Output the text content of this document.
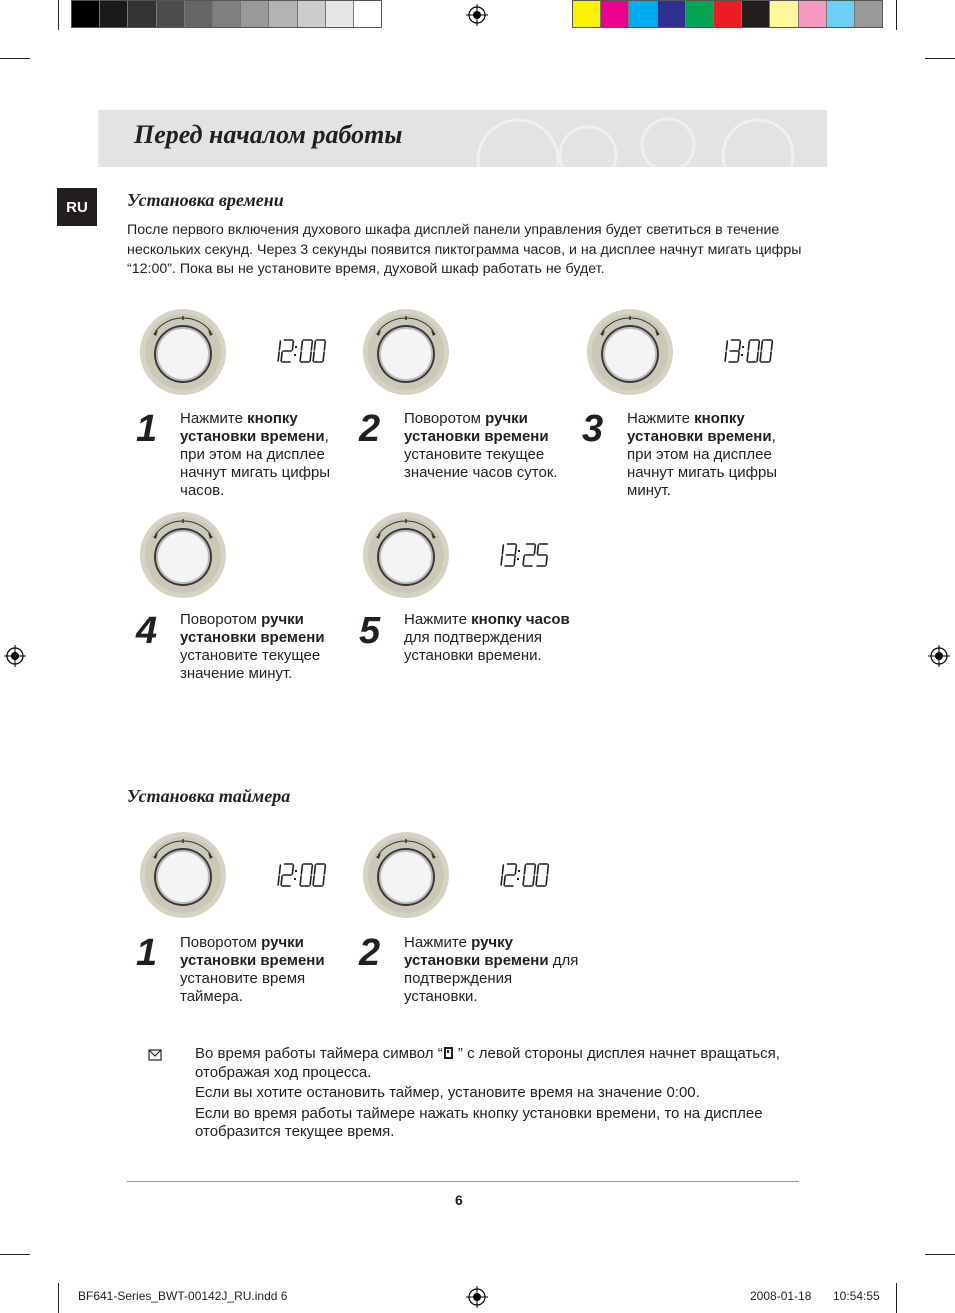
Перед началом работы
RU	Установка времени
После первого включения духового шкафа дисплей панели управления будет светиться в течение нескольких секунд. Через 3 секунды появится пиктограмма часов, и на дисплее начнут мигать цифры “12:00”. Пока вы не установите время, духовой шкаф работать не будет.
1 Нажмите кнопку установки времени, при этом на дисплее начнут мигать цифры часов.
2 Поворотом ручки установки времени установите текущее значение часов суток.
3 Нажмите кнопку установки времени, при этом на дисплее начнут мигать цифры минут.
4 Поворотом ручки установки времени установите текущее значение минут.
5 Нажмите кнопку часов для подтверждения установки времени.
Установка таймера
1 Поворотом ручки установки времени установите время таймера.
2 Нажмите ручку установки времени для подтверждения установки.

Во время работы таймера символ “ ” с левой стороны дисплея начнет вращаться, отображая ход процесса.

Если вы хотите остановить таймер, установите время на значение 0:00.

Если во время работы таймере нажать кнопку установки времени, то на дисплее отобразится текущее время.

6
BF641-Series_BWT-00142J_RU.indd 6	2008-01-18 10:54:55
